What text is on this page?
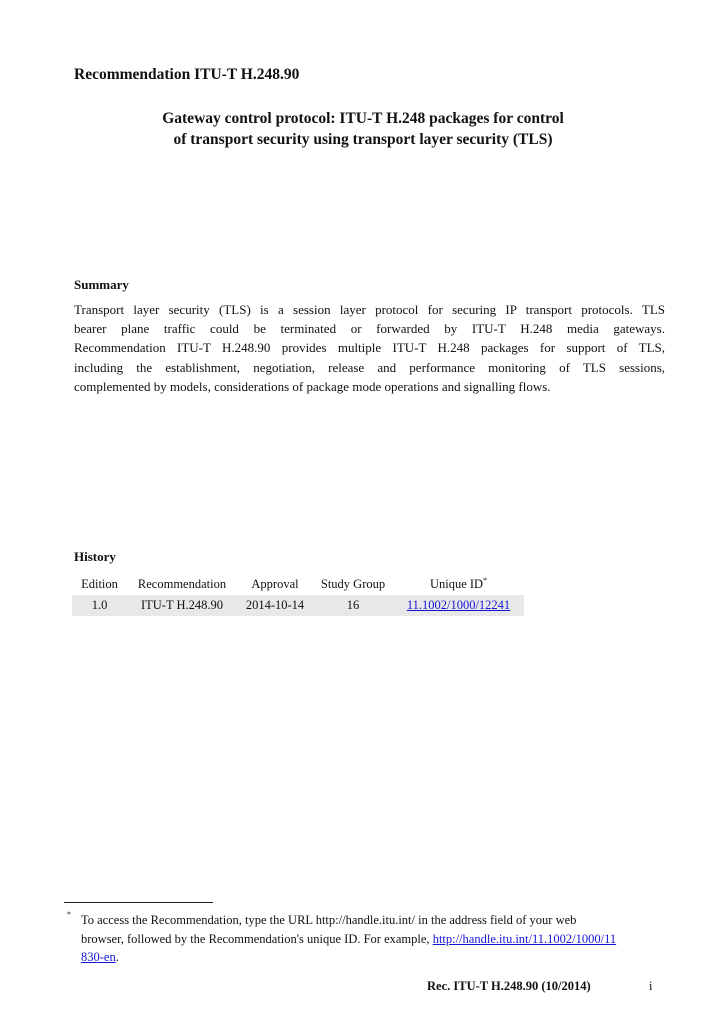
Recommendation ITU-T H.248.90
Gateway control protocol: ITU-T H.248 packages for control
of transport security using transport layer security (TLS)
Summary
Transport layer security (TLS) is a session layer protocol for securing IP transport protocols. TLS
bearer plane traffic could be terminated or forwarded by ITU-T H.248 media gateways.
Recommendation ITU-T H.248.90 provides multiple ITU-T H.248 packages for support of TLS,
including the establishment, negotiation, release and performance monitoring of TLS sessions,
complemented by models, considerations of package mode operations and signalling flows.
History
Edition	Recommendation	Approval	Study Group	Unique ID*
1.0	ITU-T H.248.90	2014-10-14	16	11.1002/1000/12241
* To access the Recommendation, type the URL http://handle.itu.int/ in the address field of your web
browser, followed by the Recommendation's unique ID. For example, http://handle.itu.int/11.1002/1000/11
830-en.
Rec. ITU-T H.248.90 (10/2014)	i
